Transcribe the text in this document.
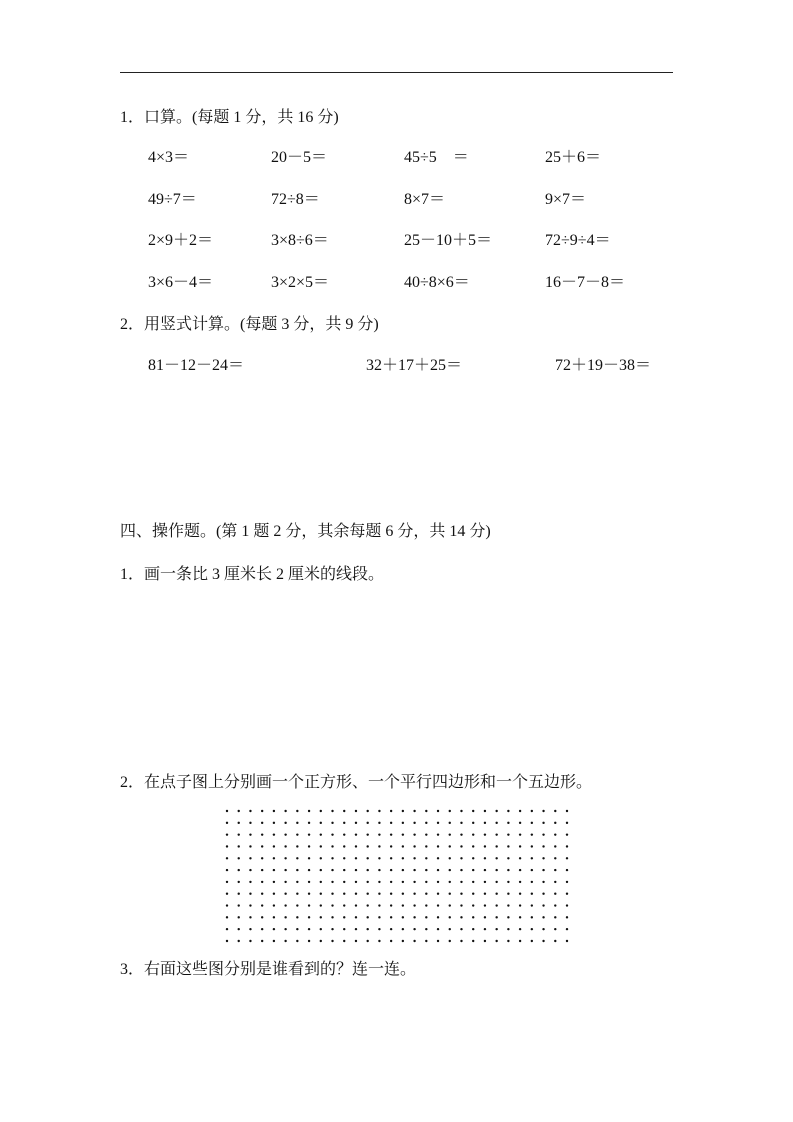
1．口算。(每题 1 分，共 16 分)
4×3＝	20－5＝	45÷5　＝	25＋6＝
49÷7＝	72÷8＝	8×7＝	9×7＝
2×9＋2＝	3×8÷6＝	25－10＋5＝	72÷9÷4＝
3×6－4＝	3×2×5＝	40÷8×6＝	16－7－8＝
2．用竖式计算。(每题 3 分，共 9 分)
81－12－24＝	32＋17＋25＝	72＋19－38＝
四、操作题。(第 1 题 2 分，其余每题 6 分，共 14 分)
1．画一条比 3 厘米长 2 厘米的线段。
2．在点子图上分别画一个正方形、一个平行四边形和一个五边形。
3．右面这些图分别是谁看到的？连一连。
